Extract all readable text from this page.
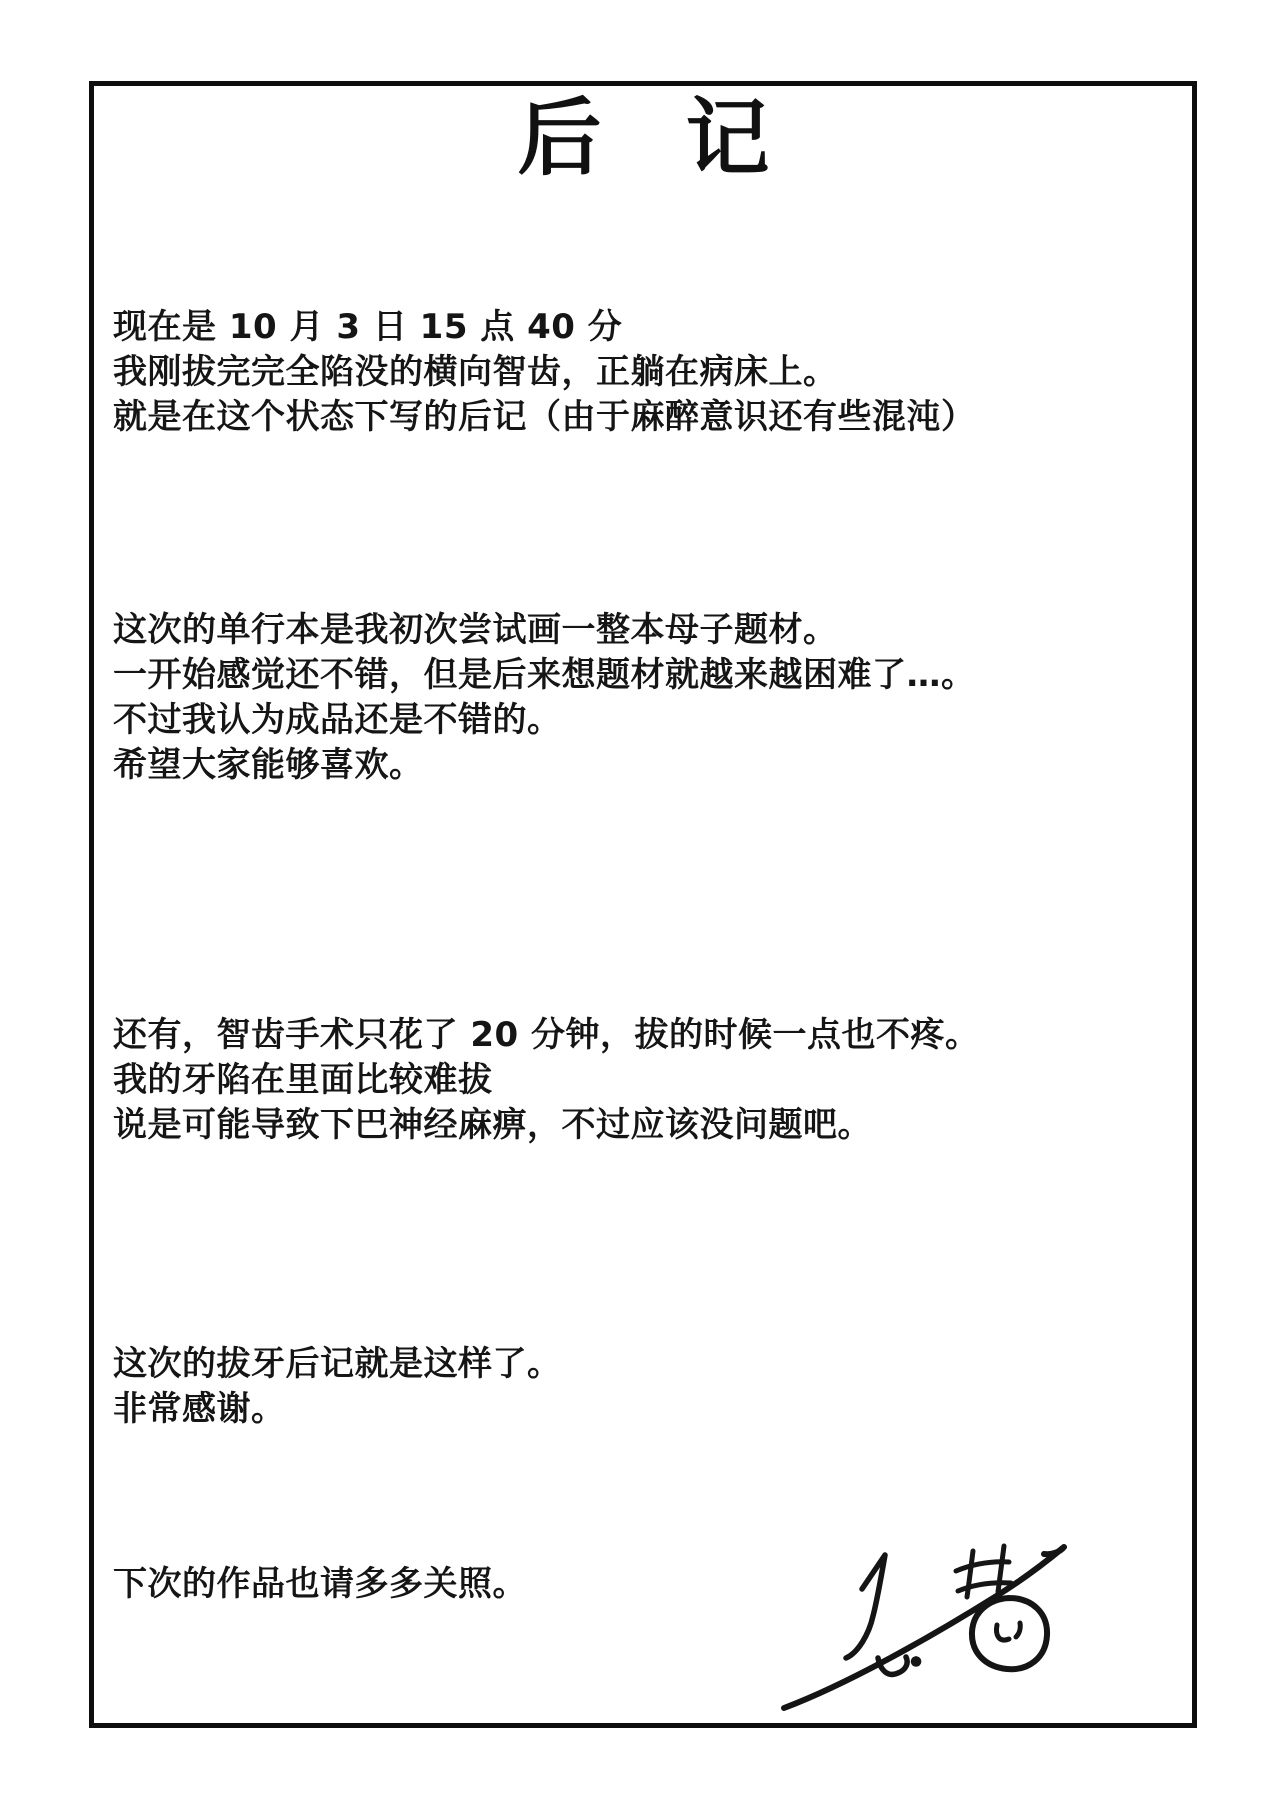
后　记
现在是 10 月 3 日 15 点 40 分
我刚拔完完全陷没的横向智齿，正躺在病床上。
就是在这个状态下写的后记（由于麻醉意识还有些混沌）
这次的单行本是我初次尝试画一整本母子题材。
一开始感觉还不错，但是后来想题材就越来越困难了…。
不过我认为成品还是不错的。
希望大家能够喜欢。
还有，智齿手术只花了 20 分钟，拔的时候一点也不疼。
我的牙陷在里面比较难拔
说是可能导致下巴神经麻痹，不过应该没问题吧。
这次的拔牙后记就是这样了。
非常感谢。
下次的作品也请多多关照。
